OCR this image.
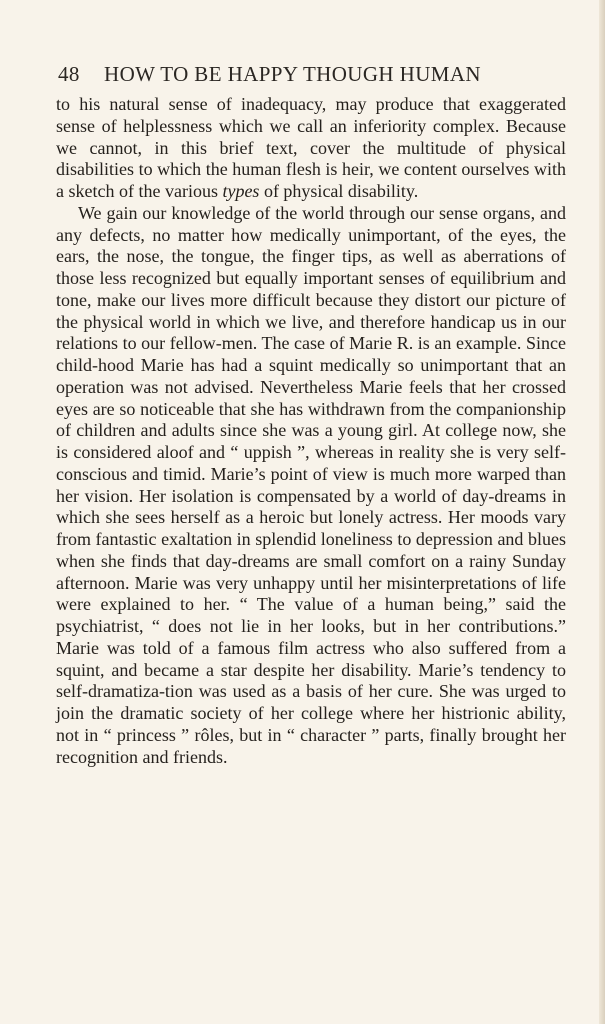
48	HOW TO BE HAPPY THOUGH HUMAN

to his natural sense of inadequacy, may produce that exaggerated sense of helplessness which we call an inferiority complex. Because we cannot, in this brief text, cover the multitude of physical disabilities to which the human flesh is heir, we content ourselves with a sketch of the various types of physical disability.

We gain our knowledge of the world through our sense organs, and any defects, no matter how medically unimportant, of the eyes, the ears, the nose, the tongue, the finger tips, as well as aberrations of those less recognized but equally important senses of equilibrium and tone, make our lives more difficult because they distort our picture of the physical world in which we live, and therefore handicap us in our relations to our fellow-men. The case of Marie R. is an example. Since child-hood Marie has had a squint medically so unimportant that an operation was not advised. Nevertheless Marie feels that her crossed eyes are so noticeable that she has withdrawn from the companionship of children and adults since she was a young girl. At college now, she is considered aloof and “ uppish ”, whereas in reality she is very self-conscious and timid. Marie’s point of view is much more warped than her vision. Her isolation is compensated by a world of day-dreams in which she sees herself as a heroic but lonely actress. Her moods vary from fantastic exaltation in splendid loneliness to depression and blues when she finds that day-dreams are small comfort on a rainy Sunday afternoon. Marie was very unhappy until her misinterpretations of life were explained to her. “ The value of a human being,” said the psychiatrist, “ does not lie in her looks, but in her contributions.” Marie was told of a famous film actress who also suffered from a squint, and became a star despite her disability. Marie’s tendency to self-dramatiza-tion was used as a basis of her cure. She was urged to join the dramatic society of her college where her histrionic ability, not in “ princess ” rôles, but in “ character ” parts, finally brought her recognition and friends.
